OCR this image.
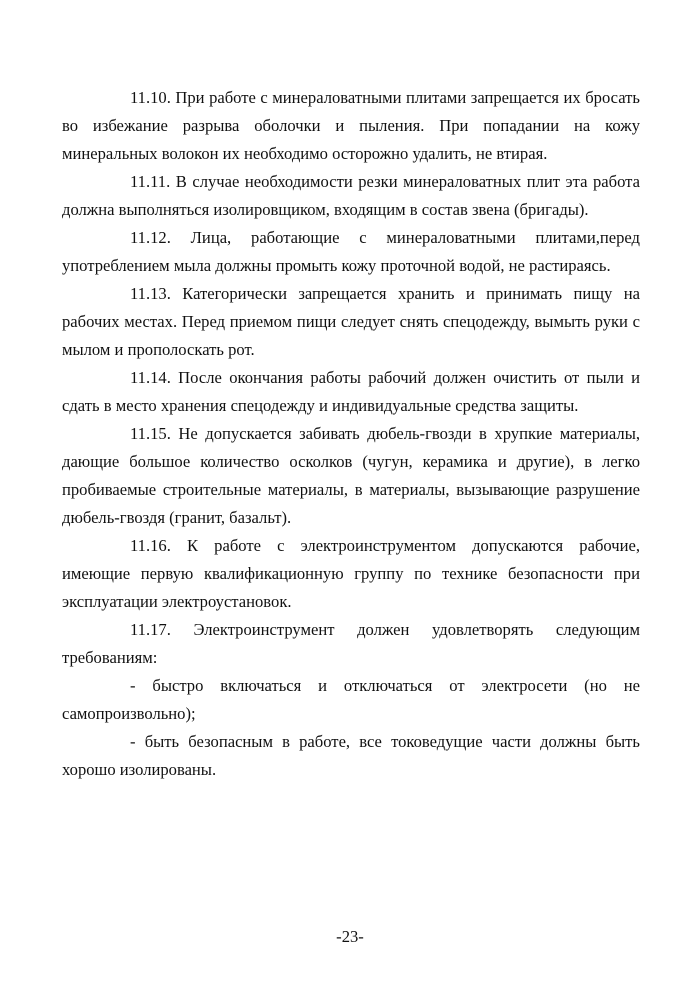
11.10. При работе с минераловатными плитами запрещается их бросать во избежание разрыва оболочки и пыления. При попадании на кожу минеральных волокон их необходимо осторожно удалить, не втирая.

11.11. В случае необходимости резки минераловатных плит эта работа должна выполняться изолировщиком, входящим в состав звена (бригады).

11.12. Лица, работающие с минераловатными плитами,перед употреблением мыла должны промыть кожу проточной водой, не растираясь.

11.13. Категорически запрещается хранить и принимать пищу на рабочих местах. Перед приемом пищи следует снять спецодежду, вымыть руки с мылом и прополоскать рот.

11.14. После окончания работы рабочий должен очистить от пыли и сдать в место хранения спецодежду и индивидуальные средства защиты.

11.15. Не допускается забивать дюбель-гвозди в хрупкие материалы, дающие большое количество осколков (чугун, керамика и другие), в легко пробиваемые строительные материалы, в материалы, вызывающие разрушение дюбель-гвоздя (гранит, базальт).

11.16. К работе с электроинструментом допускаются рабочие, имеющие первую квалификационную группу по технике безопасности при эксплуатации электроустановок.

11.17. Электроинструмент должен удовлетворять следующим требованиям:

- быстро включаться и отключаться от электросети (но не самопроизвольно);

- быть безопасным в работе, все токоведущие части должны быть хорошо изолированы.

-23-
